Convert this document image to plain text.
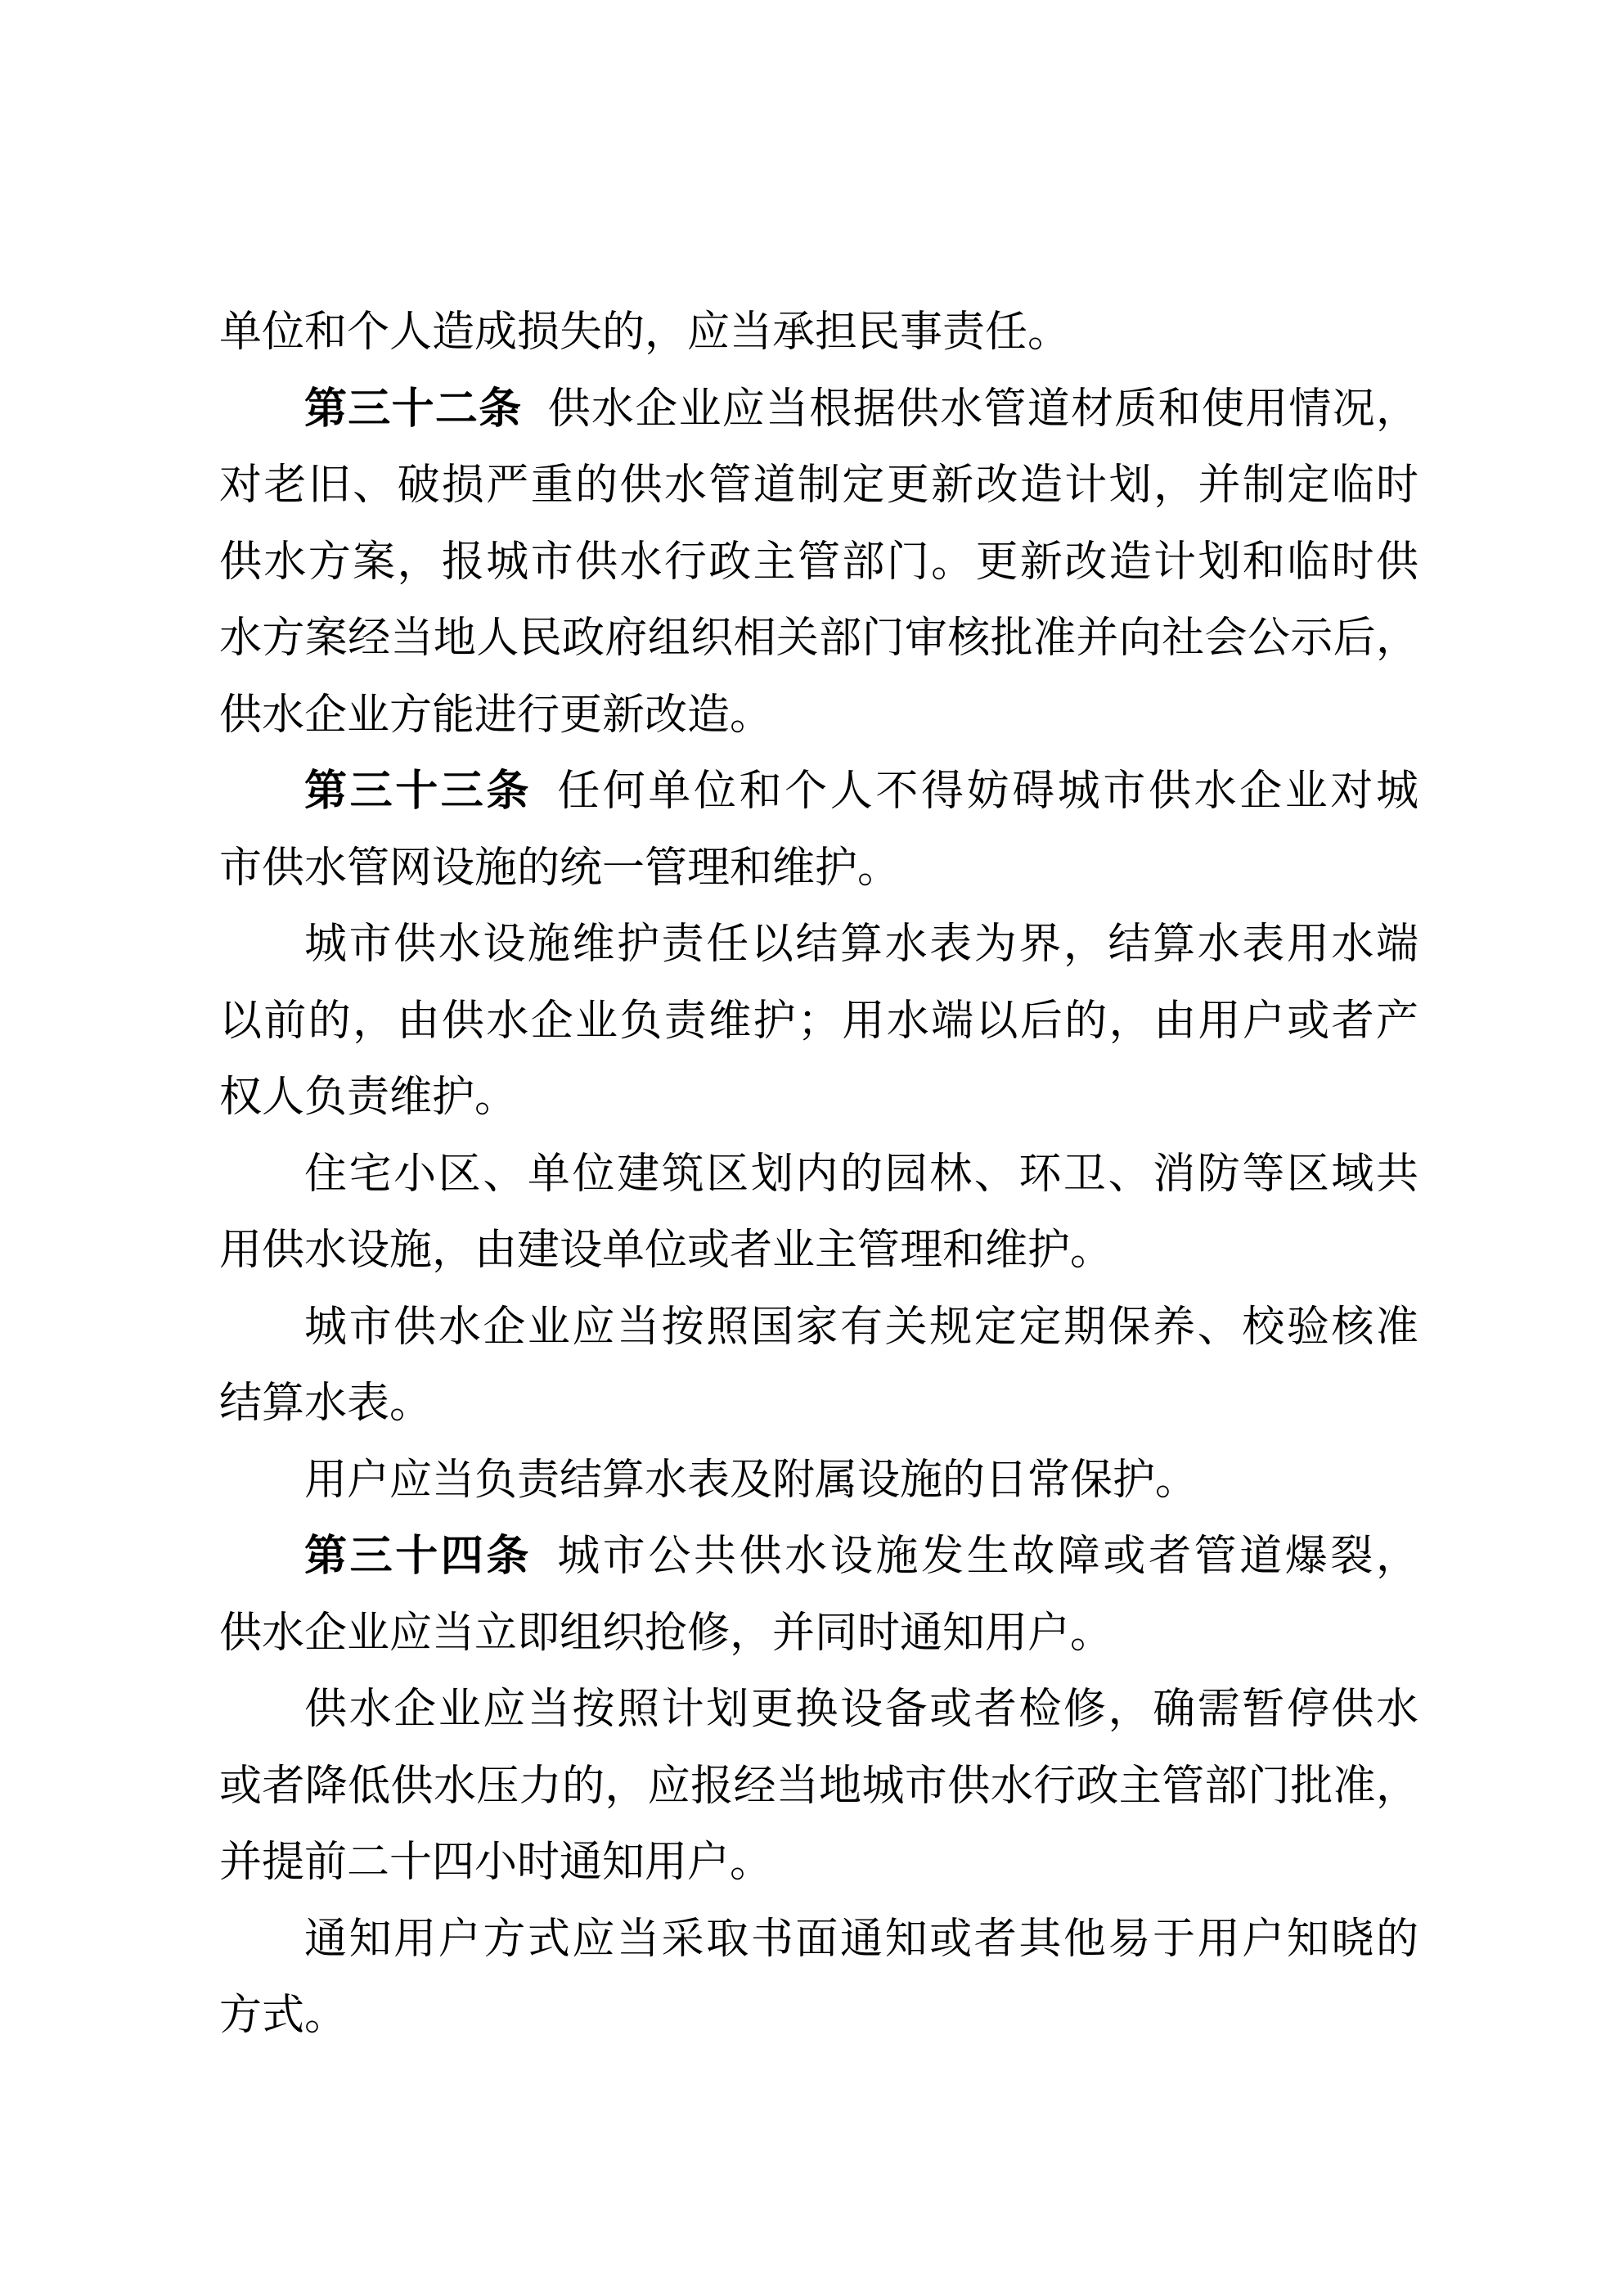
单位和个人造成损失的，应当承担民事责任。
第三十二条 供水企业应当根据供水管道材质和使用情况，
对老旧、破损严重的供水管道制定更新改造计划，并制定临时
供水方案，报城市供水行政主管部门。更新改造计划和临时供
水方案经当地人民政府组织相关部门审核批准并向社会公示后，
供水企业方能进行更新改造。
第三十三条 任何单位和个人不得妨碍城市供水企业对城
市供水管网设施的统一管理和维护。
城市供水设施维护责任以结算水表为界，结算水表用水端
以前的，由供水企业负责维护；用水端以后的，由用户或者产
权人负责维护。
住宅小区、单位建筑区划内的园林、环卫、消防等区域共
用供水设施，由建设单位或者业主管理和维护。
城市供水企业应当按照国家有关规定定期保养、校验核准
结算水表。
用户应当负责结算水表及附属设施的日常保护。
第三十四条 城市公共供水设施发生故障或者管道爆裂，
供水企业应当立即组织抢修，并同时通知用户。
供水企业应当按照计划更换设备或者检修，确需暂停供水
或者降低供水压力的，应报经当地城市供水行政主管部门批准，
并提前二十四小时通知用户。
通知用户方式应当采取书面通知或者其他易于用户知晓的
方式。
